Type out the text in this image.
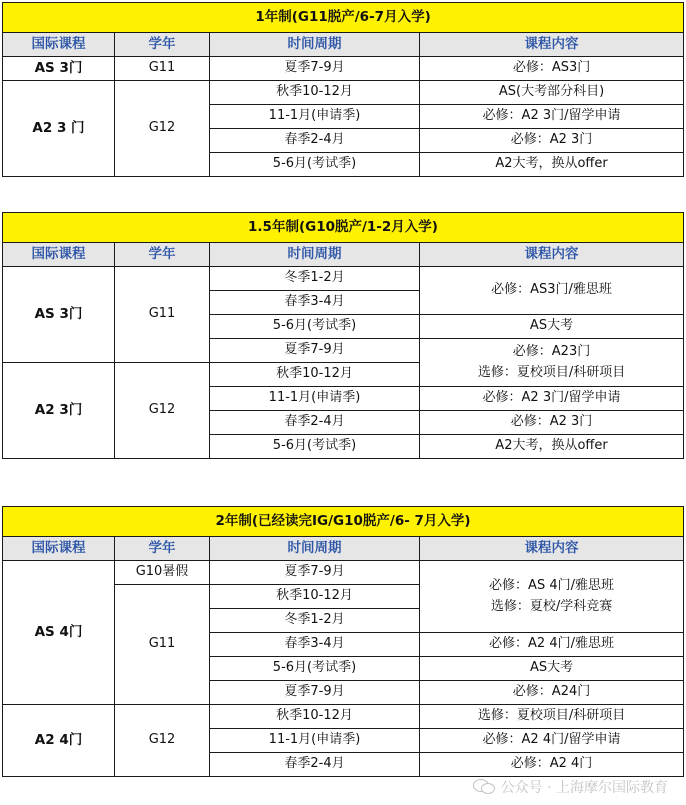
1年制(G11脱产/6-7月入学)			
国际课程	学年	时间周期	课程内容
AS 3门	G11	夏季7-9月	必修：AS3门
A2 3 门	G12	秋季10-12月	AS(大考部分科目)
		11-1月(申请季)	必修：A2 3门/留学申请
		春季2-4月	必修：A2 3门
		5-6月(考试季)	A2大考，换从offer
1.5年制(G10脱产/1-2月入学)			
国际课程	学年	时间周期	课程内容
AS 3门	G11	冬季1-2月	必修：AS3门/雅思班
		春季3-4月	
		5-6月(考试季)	AS大考
		夏季7-9月	必修：A23门
选修：夏校项目/科研项目

A2 3门	G12	秋季10-12月	
		11-1月(申请季)	必修：A2 3门/留学申请
		春季2-4月	必修：A2 3门
		5-6月(考试季)	A2大考，换从offer
2年制(已经读完IG/G10脱产/6- 7月入学)			
国际课程	学年	时间周期	课程内容
AS 4门	G10暑假	夏季7-9月	必修：AS 4门/雅思班
选修：夏校/学科竞赛

	G11	秋季10-12月	
		冬季1-2月	
		春季3-4月	必修：A2 4门/雅思班
		5-6月(考试季)	AS大考
		夏季7-9月	必修：A24门
A2 4门	G12	秋季10-12月	选修：夏校项目/科研项目
		11-1月(申请季)	必修：A2 4门/留学申请
		春季2-4月	必修：A2 4门
公众号 · 上海摩尔国际教育
